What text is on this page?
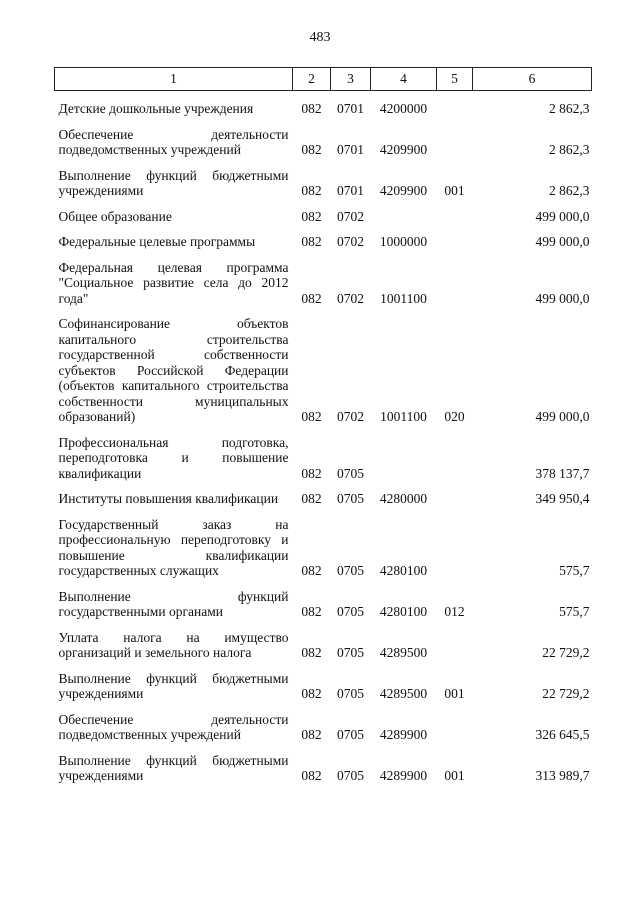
483
1	2	3	4	5	6
Детские дошкольные учреждения	082	0701	4200000		2 862,3
Обеспечение деятельности подведомственных учреждений	082	0701	4209900		2 862,3
Выполнение функций бюджетными учреждениями	082	0701	4209900	001	2 862,3
Общее образование	082	0702			499 000,0
Федеральные целевые программы	082	0702	1000000		499 000,0
Федеральная целевая программа "Социальное развитие села до 2012 года"	082	0702	1001100		499 000,0
Софинансирование объектов капитального строительства государственной собственности субъектов Российской Федерации (объектов капитального строительства собственности муниципальных образований)	082	0702	1001100	020	499 000,0
Профессиональная подготовка, переподготовка и повышение квалификации	082	0705			378 137,7
Институты повышения квалификации	082	0705	4280000		349 950,4
Государственный заказ на профессиональную переподготовку и повышение квалификации государственных служащих	082	0705	4280100		575,7
Выполнение функций государственными органами	082	0705	4280100	012	575,7
Уплата налога на имущество организаций и земельного налога	082	0705	4289500		22 729,2
Выполнение функций бюджетными учреждениями	082	0705	4289500	001	22 729,2
Обеспечение деятельности подведомственных учреждений	082	0705	4289900		326 645,5
Выполнение функций бюджетными учреждениями	082	0705	4289900	001	313 989,7
